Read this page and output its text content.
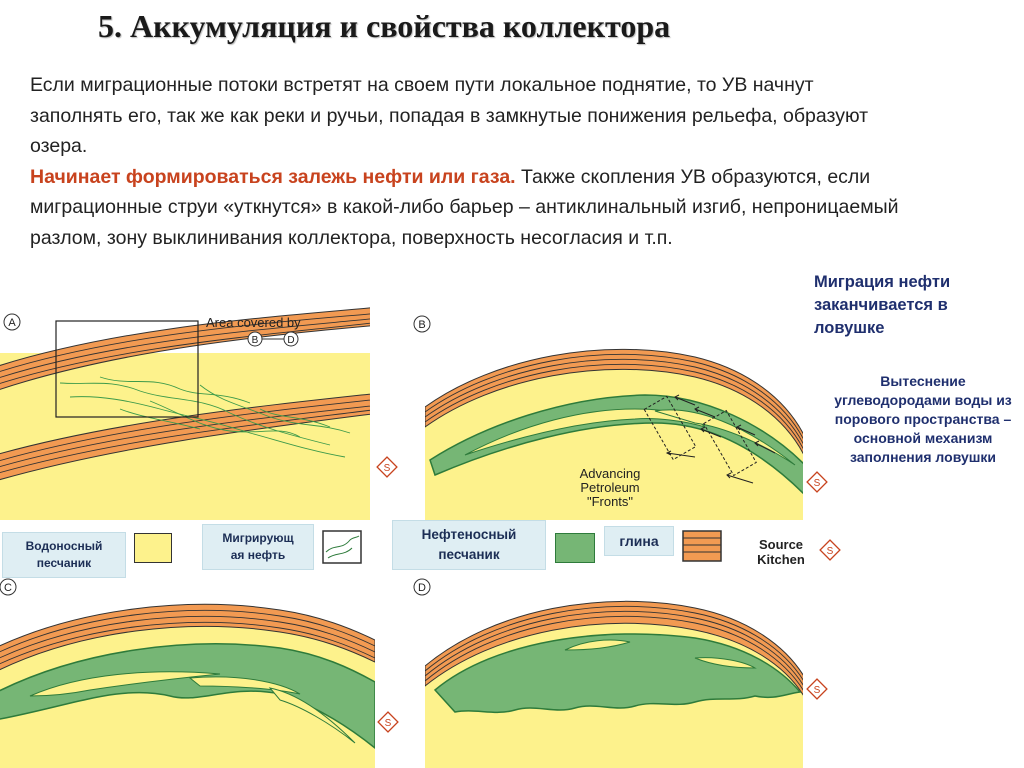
5. Аккумуляция и свойства коллектора

Если миграционные потоки встретят на своем пути локальное поднятие, то УВ начнут заполнять его, так же как реки и ручьи, попадая в замкнутые понижения рельефа, образуют озера.

Начинает формироваться залежь нефти или газа. Также скопления УВ образуются, если миграционные струи «уткнутся» в какой-либо барьер – антиклинальный изгиб, непроницаемый разлом, зону выклинивания коллектора, поверхность несогласия и т.п.

Миграция нефти заканчивается в ловушке
Вытеснение углеводородами воды из порового пространства – основной механизм заполнения ловушки
A	Area covered by
B	D
S
B
Advancing
Petroleum
"Fronts"
S
Водоносный
песчаник
Мигрирующ
ая нефть
Нефтеносный
песчаник
глина	Source
Kitchen
S
C
S
D
S
